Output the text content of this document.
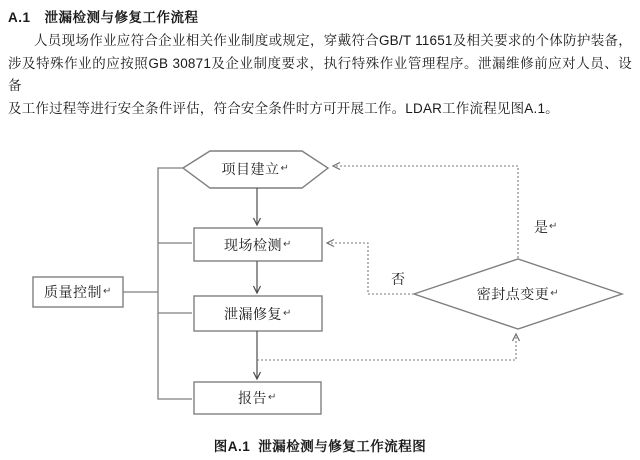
A.1 泄漏检测与修复工作流程
人员现场作业应符合企业相关作业制度或规定，穿戴符合GB/T 11651及相关要求的个体防护装备，
涉及特殊作业的应按照GB 30871及企业制度要求，执行特殊作业管理程序。泄漏维修前应对人员、设备
及工作过程等进行安全条件评估，符合安全条件时方可开展工作。LDAR工作流程见图A.1。
项目建立 ↵
现场检测 ↵
泄漏修复 ↵
报告 ↵
质量控制 ↵	密封点变更 ↵
是 ↵
否
图A.1 泄漏检测与修复工作流程图
